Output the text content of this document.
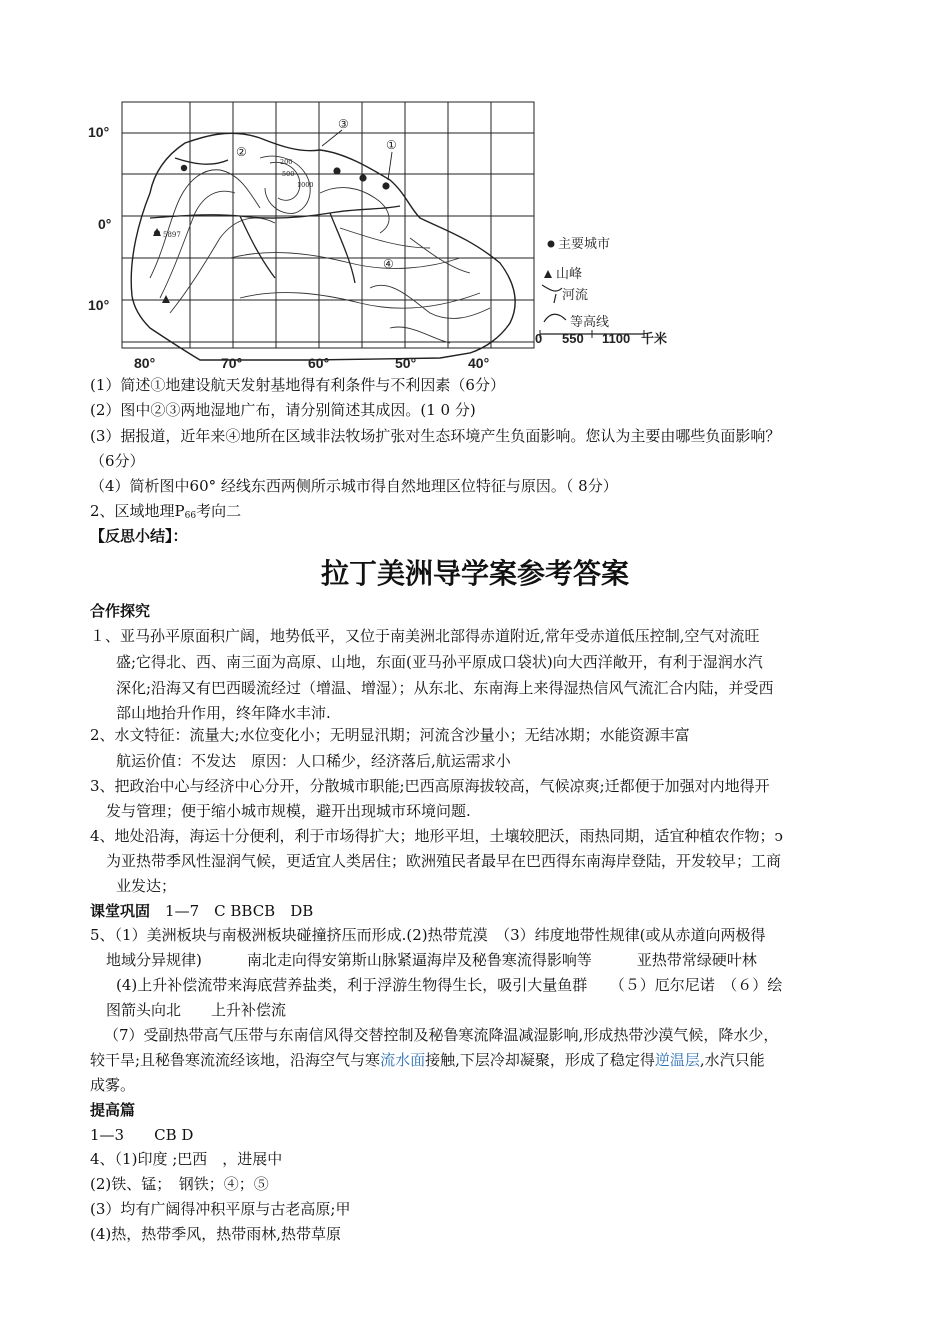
5897
200
500
1000
③
①
②
④
10°
0°
10°
80°	70°	60°	50°	40°
主要城市
山峰
河流
等高线
0 550 1100 千米
(1）简述①地建设航天发射基地得有利条件与不利因素（6分）
(2）图中②③两地湿地广布，请分别简述其成因。(1 0 分)
(3）据报道，近年来④地所在区域非法牧场扩张对生态环境产生负面影响。您认为主要由哪些负面影响？
（6分）
（4）简析图中60° 经线东西两侧所示城市得自然地理区位特征与原因。（ 8分）
2、区域地理$P_{66}$考向二
【反思小结】：
拉丁美洲导学案参考答案
合作探究
１、亚马孙平原面积广阔，地势低平，又位于南美洲北部得赤道附近,常年受赤道低压控制,空气对流旺
盛;它得北、西、南三面为高原、山地，东面(亚马孙平原成口袋状)向大西洋敞开，有利于湿润水汽
深化;沿海又有巴西暖流经过（增温、增湿）；从东北、东南海上来得湿热信风气流汇合内陆，并受西
部山地抬升作用，终年降水丰沛.
2、水文特征：流量大;水位变化小；无明显汛期；河流含沙量小；无结冰期；水能资源丰富
航运价值：不发达　原因：人口稀少，经济落后,航运需求小
3、把政治中心与经济中心分开，分散城市职能;巴西高原海拔较高，气候凉爽;迁都便于加强对内地得开
发与管理；便于缩小城市规模，避开出现城市环境问题.
4、地处沿海，海运十分便利，利于市场得扩大；地形平坦，土壤较肥沃，雨热同期，适宜种植农作物；ↄ
为亚热带季风性湿润气候，更适宜人类居住；欧洲殖民者最早在巴西得东南海岸登陆，开发较早；工商
业发达；
课堂巩固　 1—7　C BBCB　DB
5、（1）美洲板块与南极洲板块碰撞挤压而形成.(2)热带荒漠　（3）纬度地带性规律(或从赤道向两极得
地域分异规律)　　　南北走向得安第斯山脉紧逼海岸及秘鲁寒流得影响等　　　亚热带常绿硬叶林
(4)上升补偿流带来海底营养盐类，利于浮游生物得生长，吸引大量鱼群　　（５）厄尔尼诺　（６）绘
图箭头向北　　上升补偿流
（7）受副热带高气压带与东南信风得交替控制及秘鲁寒流降温减湿影响,形成热带沙漠气候，降水少，
较干旱;且秘鲁寒流流经该地，沿海空气与寒流水面接触,下层冷却凝聚，形成了稳定得逆温层,水汽只能
成雾。
提高篇
1—3　　CB D
4、（1)印度 ;巴西　，进展中
(2)铁、锰；　钢铁；④；⑤
(3）均有广阔得冲积平原与古老高原;甲
(4)热，热带季风，热带雨林,热带草原
